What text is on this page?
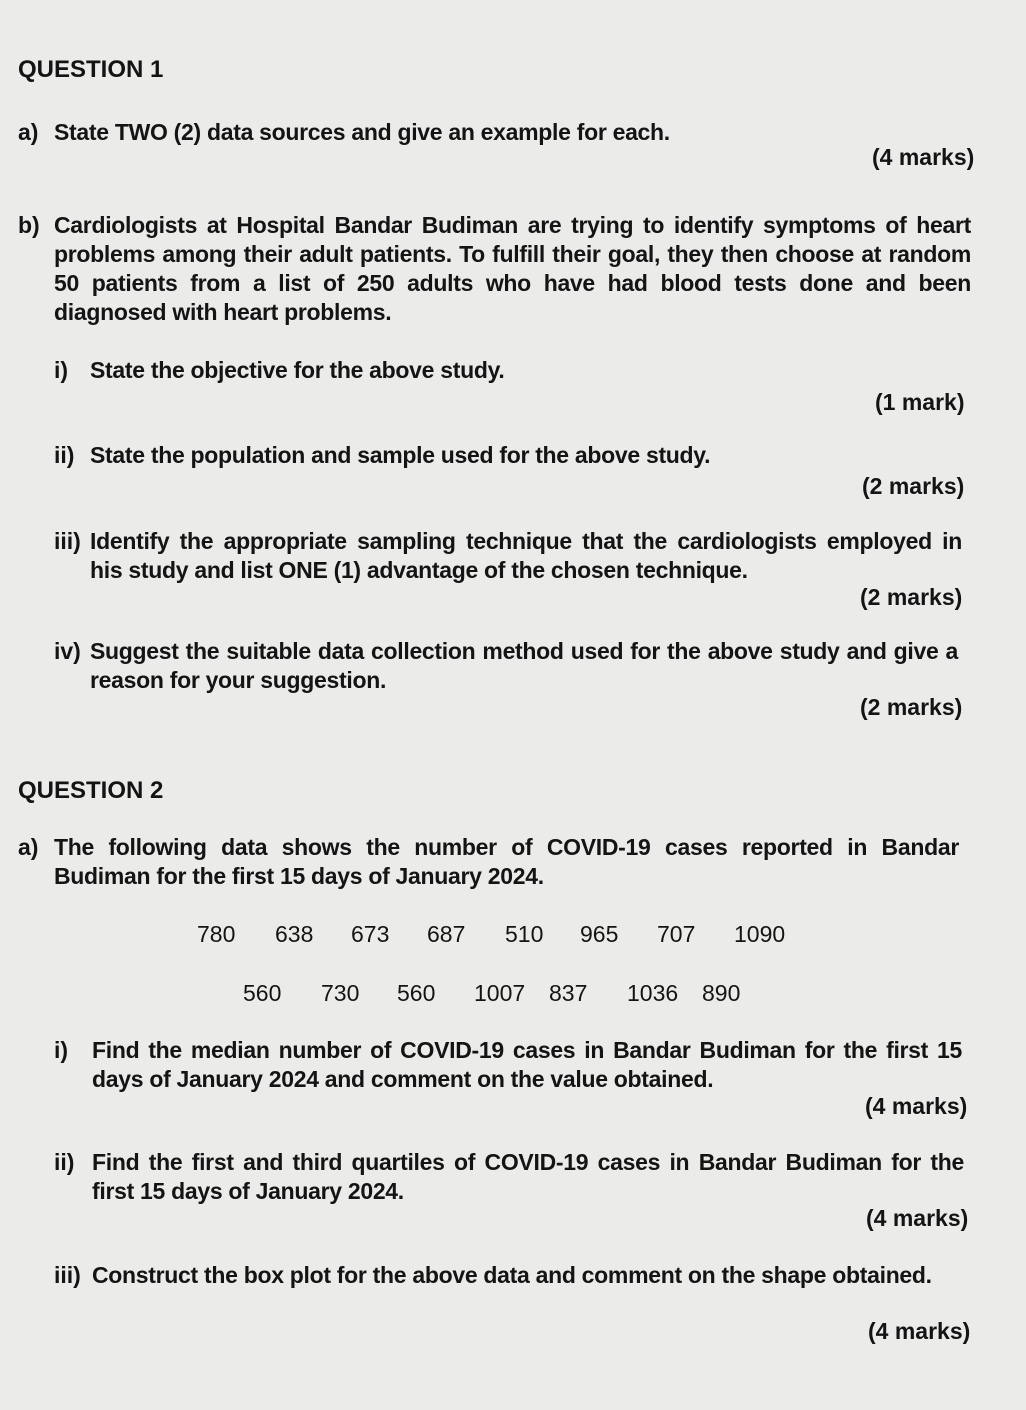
QUESTION 1

a) State TWO (2) data sources and give an example for each.

(4 marks)

b) Cardiologists at Hospital Bandar Budiman are trying to identify symptoms of heart problems among their adult patients. To fulfill their goal, they then choose at random 50 patients from a list of 250 adults who have had blood tests done and been diagnosed with heart problems.

i) State the objective for the above study.

(1 mark)

ii) State the population and sample used for the above study.

(2 marks)

iii) Identify the appropriate sampling technique that the cardiologists employed in his study and list ONE (1) advantage of the chosen technique.

(2 marks)

iv) Suggest the suitable data collection method used for the above study and give a reason for your suggestion.

(2 marks)

QUESTION 2

a) The following data shows the number of COVID-19 cases reported in Bandar Budiman for the first 15 days of January 2024.

780 638 673 687 510 965 707 1090

560 730 560 1007 837 1036 890

i) Find the median number of COVID-19 cases in Bandar Budiman for the first 15 days of January 2024 and comment on the value obtained.

(4 marks)

ii) Find the first and third quartiles of COVID-19 cases in Bandar Budiman for the first 15 days of January 2024.

(4 marks)

iii) Construct the box plot for the above data and comment on the shape obtained.

(4 marks)
